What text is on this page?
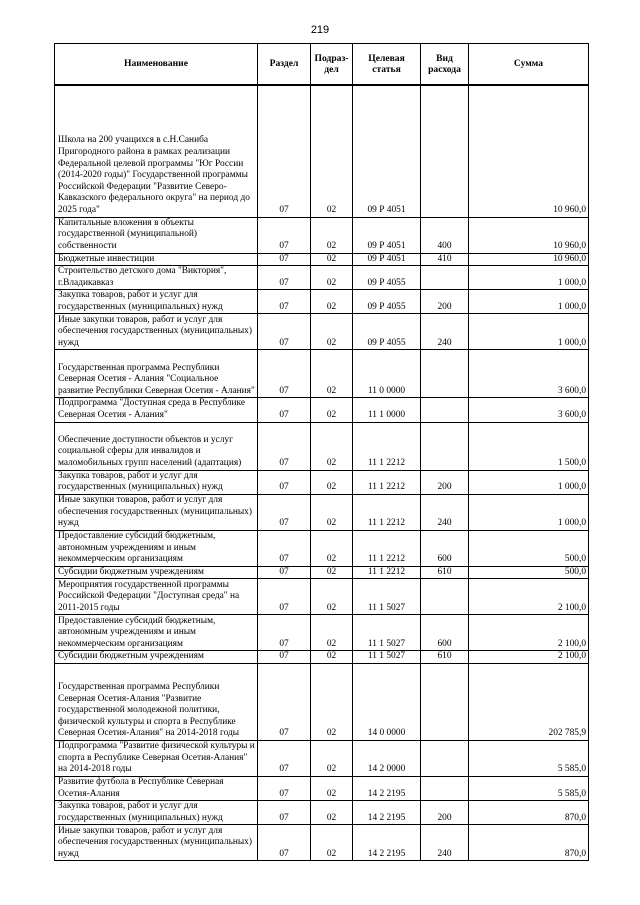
219
Наименование	Раздел	Подраз-дел	Целевая статья	Вид расхода	Сумма
Школа на 200 учащихся в с.Н.Саниба Пригородного района в рамках реализации Федеральной целевой программы "Юг России (2014-2020 годы)" Государственной программы Российской Федерации "Развитие Северо-Кавказского федерального округа" на период до 2025 года"	07	02	09 Р 4051		10 960,0
Капитальные вложения в объекты государственной (муниципальной) собственности	07	02	09 Р 4051	400	10 960,0
Бюджетные инвестиции	07	02	09 Р 4051	410	10 960,0
Строительство детского дома "Виктория", г.Владикавказ	07	02	09 Р 4055		1 000,0
Закупка товаров, работ и услуг для государственных (муниципальных) нужд	07	02	09 Р 4055	200	1 000,0
Иные закупки товаров, работ и услуг для обеспечения государственных (муниципальных) нужд	07	02	09 Р 4055	240	1 000,0
Государственная программа Республики Северная Осетия - Алания "Социальное развитие Республики Северная Осетия - Алания"	07	02	11 0 0000		3 600,0
Подпрограмма "Доступная среда в Республике Северная Осетия - Алания"	07	02	11 1 0000		3 600,0
Обеспечение доступности объектов и услуг социальной сферы для инвалидов и маломобильных групп населений (адаптация)	07	02	11 1 2212		1 500,0
Закупка товаров, работ и услуг для государственных (муниципальных) нужд	07	02	11 1 2212	200	1 000,0
Иные закупки товаров, работ и услуг для обеспечения государственных (муниципальных) нужд	07	02	11 1 2212	240	1 000,0
Предоставление субсидий бюджетным, автономным учреждениям и иным некоммерческим организациям	07	02	11 1 2212	600	500,0
Субсидии бюджетным учреждениям	07	02	11 1 2212	610	500,0
Мероприятия государственной программы Российской Федерации "Доступная среда" на 2011-2015 годы	07	02	11 1 5027		2 100,0
Предоставление субсидий бюджетным, автономным учреждениям и иным некоммерческим организациям	07	02	11 1 5027	600	2 100,0
Субсидии бюджетным учреждениям	07	02	11 1 5027	610	2 100,0
Государственная программа Республики Северная Осетия-Алания "Развитие государственной молодежной политики, физической культуры и спорта в Республике Северная Осетия-Алания" на 2014-2018 годы	07	02	14 0 0000		202 785,9
Подпрограмма "Развитие физической культуры и спорта в Республике Северная Осетия-Алания" на 2014-2018 годы	07	02	14 2 0000		5 585,0
Развитие футбола в Республике Северная Осетия-Алания	07	02	14 2 2195		5 585,0
Закупка товаров, работ и услуг для государственных (муниципальных) нужд	07	02	14 2 2195	200	870,0
Иные закупки товаров, работ и услуг для обеспечения государственных (муниципальных) нужд	07	02	14 2 2195	240	870,0
